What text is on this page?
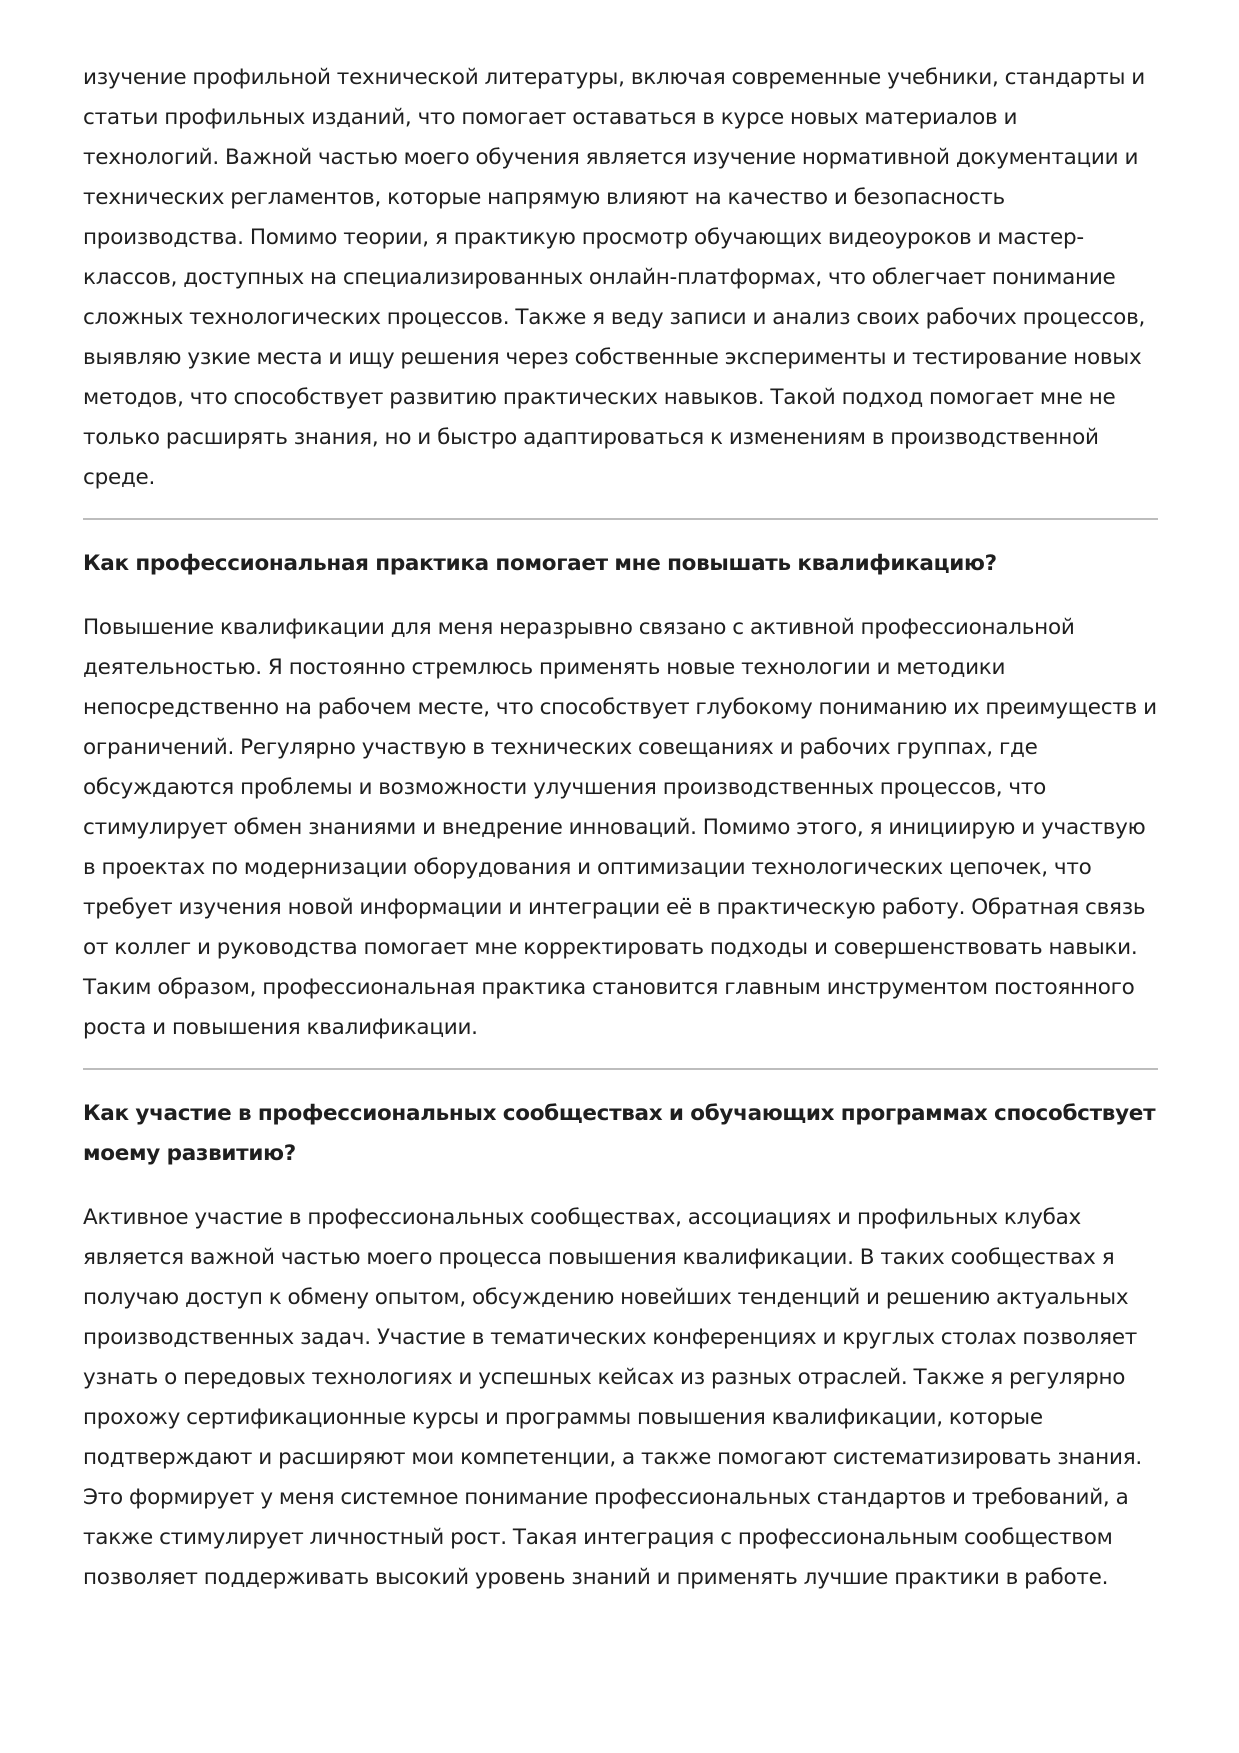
изучение профильной технической литературы, включая современные учебники, стандарты и статьи профильных изданий, что помогает оставаться в курсе новых материалов и технологий. Важной частью моего обучения является изучение нормативной документации и технических регламентов, которые напрямую влияют на качество и безопасность производства. Помимо теории, я практикую просмотр обучающих видеоуроков и мастер-классов, доступных на специализированных онлайн-платформах, что облегчает понимание сложных технологических процессов. Также я веду записи и анализ своих рабочих процессов, выявляю узкие места и ищу решения через собственные эксперименты и тестирование новых методов, что способствует развитию практических навыков. Такой подход помогает мне не только расширять знания, но и быстро адаптироваться к изменениям в производственной среде.

Как профессиональная практика помогает мне повышать квалификацию?

Повышение квалификации для меня неразрывно связано с активной профессиональной деятельностью. Я постоянно стремлюсь применять новые технологии и методики непосредственно на рабочем месте, что способствует глубокому пониманию их преимуществ и ограничений. Регулярно участвую в технических совещаниях и рабочих группах, где обсуждаются проблемы и возможности улучшения производственных процессов, что стимулирует обмен знаниями и внедрение инноваций. Помимо этого, я инициирую и участвую в проектах по модернизации оборудования и оптимизации технологических цепочек, что требует изучения новой информации и интеграции её в практическую работу. Обратная связь от коллег и руководства помогает мне корректировать подходы и совершенствовать навыки. Таким образом, профессиональная практика становится главным инструментом постоянного роста и повышения квалификации.

Как участие в профессиональных сообществах и обучающих программах способствует моему развитию?

Активное участие в профессиональных сообществах, ассоциациях и профильных клубах является важной частью моего процесса повышения квалификации. В таких сообществах я получаю доступ к обмену опытом, обсуждению новейших тенденций и решению актуальных производственных задач. Участие в тематических конференциях и круглых столах позволяет узнать о передовых технологиях и успешных кейсах из разных отраслей. Также я регулярно прохожу сертификационные курсы и программы повышения квалификации, которые подтверждают и расширяют мои компетенции, а также помогают систематизировать знания. Это формирует у меня системное понимание профессиональных стандартов и требований, а также стимулирует личностный рост. Такая интеграция с профессиональным сообществом позволяет поддерживать высокий уровень знаний и применять лучшие практики в работе.
